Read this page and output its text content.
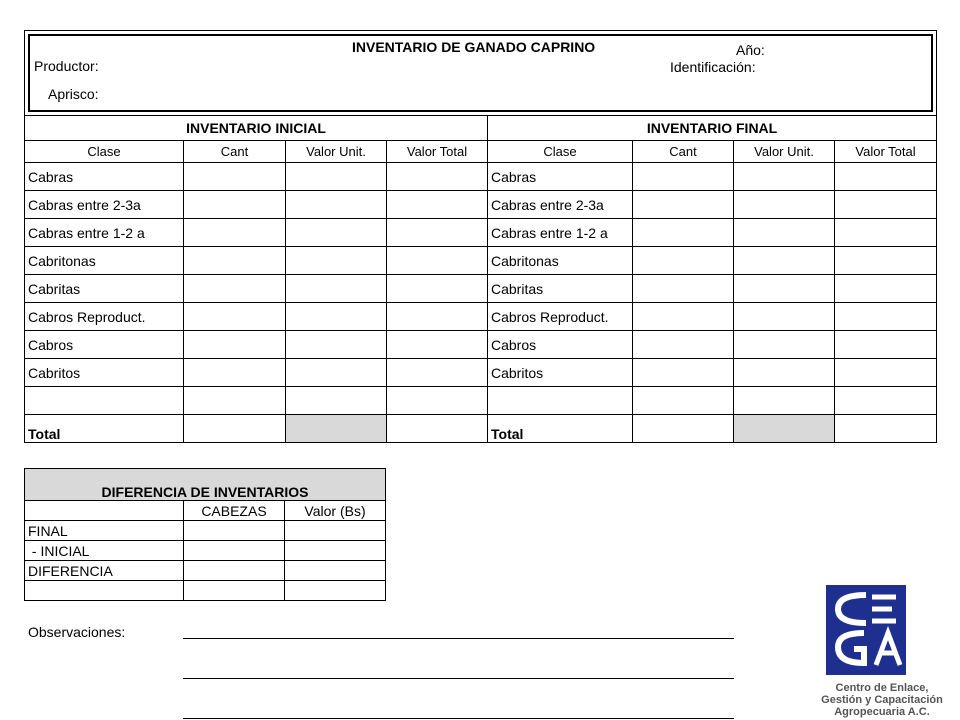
INVENTARIO DE GANADO CAPRINO
Productor:
Año:
Identificación:
Aprisco:
INVENTARIO INICIAL				INVENTARIO FINAL			
Clase	Cant	Valor Unit.	Valor Total	Clase	Cant	Valor Unit.	Valor Total
Cabras				Cabras			
Cabras entre 2-3a				Cabras entre 2-3a			
Cabras entre 1-2 a				Cabras entre 1-2 a			
Cabritonas				Cabritonas			
Cabritas				Cabritas			
Cabros Reproduct.				Cabros Reproduct.			
Cabros				Cabros			
Cabritos				Cabritos			

Total				Total			
DIFERENCIA DE INVENTARIOS		
	CABEZAS	Valor (Bs)
FINAL		
- INICIAL		
DIFERENCIA		

Observaciones:
Centro de Enlace,
Gestión y Capacitación
Agropecuaria A.C.
